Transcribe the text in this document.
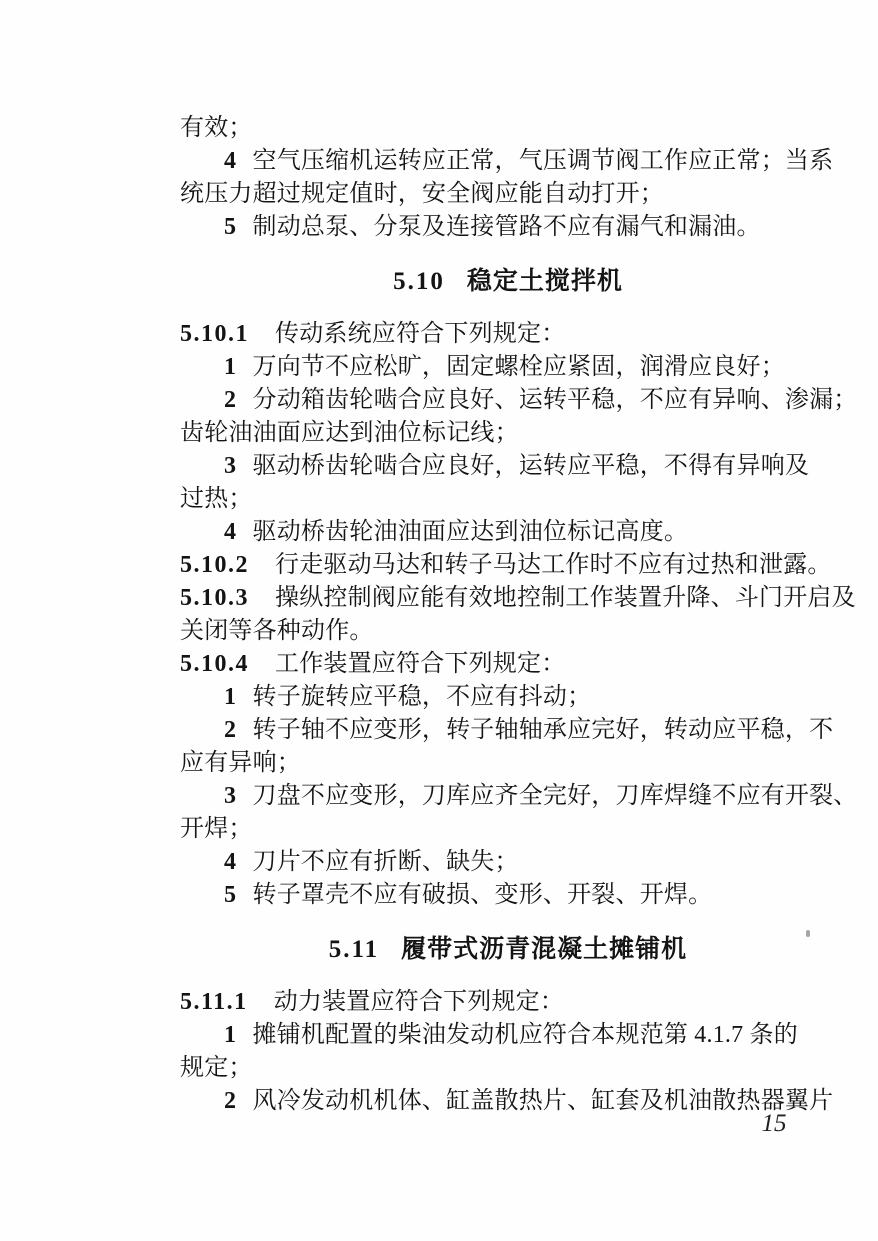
有效；
4 空气压缩机运转应正常，气压调节阀工作应正常；当系
统压力超过规定值时，安全阀应能自动打开；
5 制动总泵、分泵及连接管路不应有漏气和漏油。
5.10 稳定土搅拌机
5.10.1 传动系统应符合下列规定：
1 万向节不应松旷，固定螺栓应紧固，润滑应良好；
2 分动箱齿轮啮合应良好、运转平稳，不应有异响、渗漏；
齿轮油油面应达到油位标记线；
3 驱动桥齿轮啮合应良好，运转应平稳，不得有异响及
过热；
4 驱动桥齿轮油油面应达到油位标记高度。
5.10.2 行走驱动马达和转子马达工作时不应有过热和泄露。
5.10.3 操纵控制阀应能有效地控制工作装置升降、斗门开启及
关闭等各种动作。
5.10.4 工作装置应符合下列规定：
1 转子旋转应平稳，不应有抖动；
2 转子轴不应变形，转子轴轴承应完好，转动应平稳，不
应有异响；
3 刀盘不应变形，刀库应齐全完好，刀库焊缝不应有开裂、
开焊；
4 刀片不应有折断、缺失；
5 转子罩壳不应有破损、变形、开裂、开焊。
5.11 履带式沥青混凝土摊铺机
5.11.1 动力装置应符合下列规定：
1 摊铺机配置的柴油发动机应符合本规范第 4.1.7 条的
规定；
2 风冷发动机机体、缸盖散热片、缸套及机油散热器翼片
15
